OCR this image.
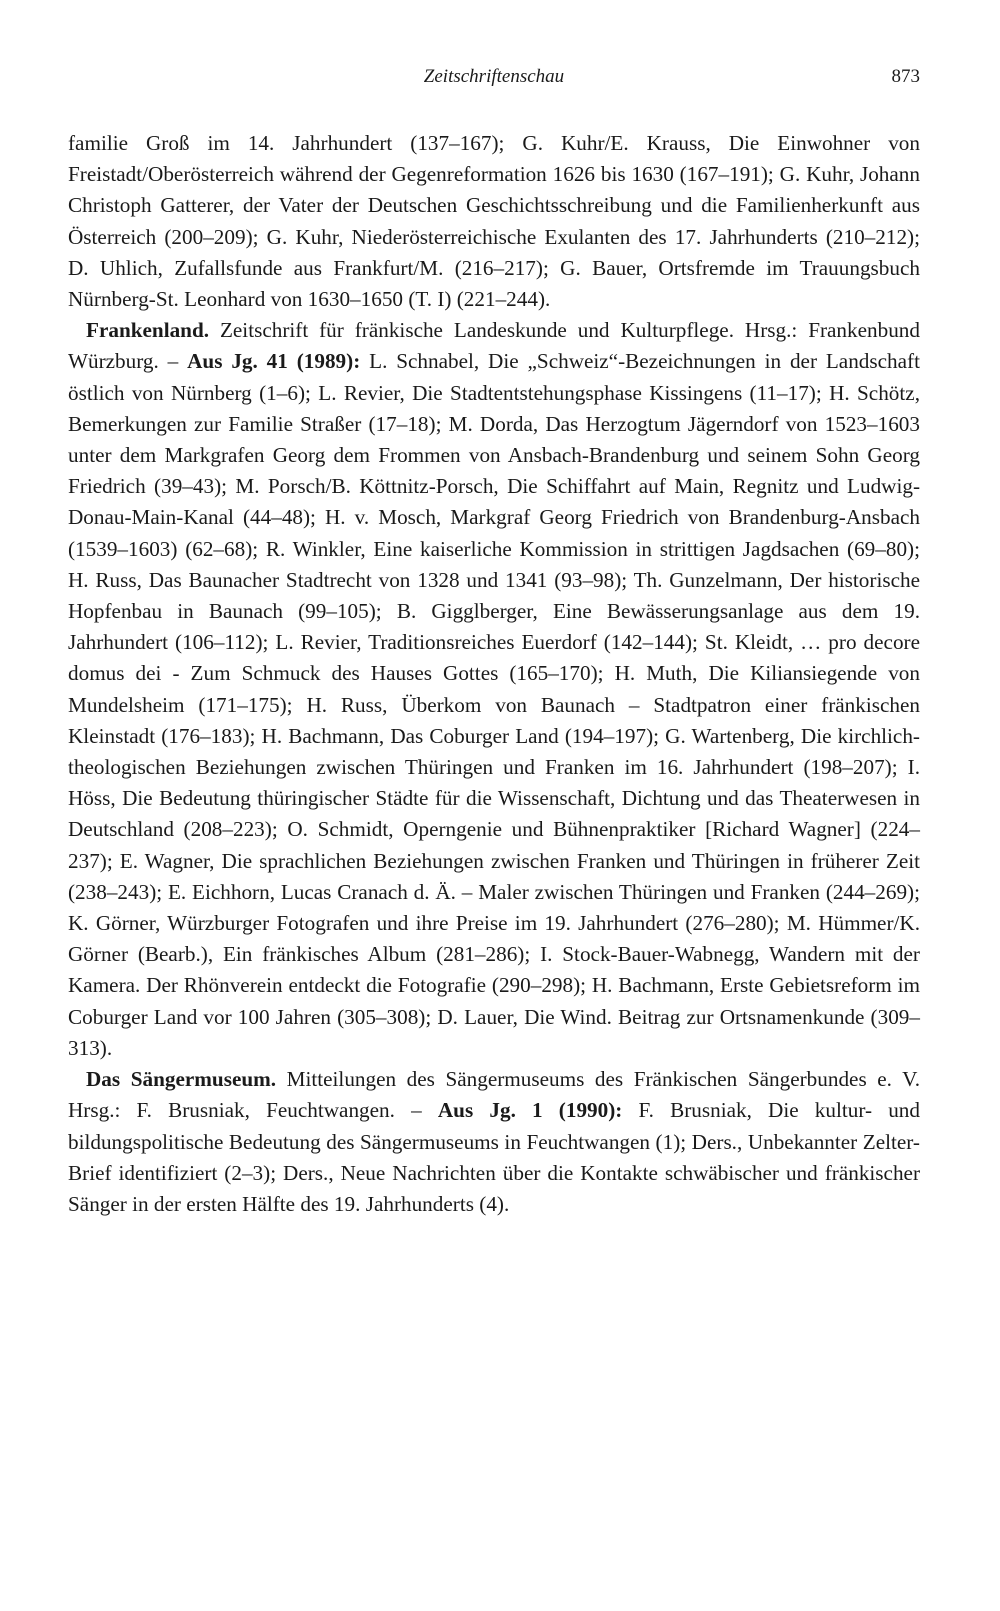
Zeitschriftenschau	873

familie Groß im 14. Jahrhundert (137–167); G. Kuhr/E. Krauss, Die Einwohner von Freistadt/Oberösterreich während der Gegenreformation 1626 bis 1630 (167–191); G. Kuhr, Johann Christoph Gatterer, der Vater der Deutschen Geschichtsschreibung und die Familienherkunft aus Österreich (200–209); G. Kuhr, Niederösterreichische Exulanten des 17. Jahrhunderts (210–212); D. Uhlich, Zufallsfunde aus Frankfurt/M. (216–217); G. Bauer, Ortsfremde im Trauungsbuch Nürnberg-St. Leonhard von 1630–1650 (T. I) (221–244).

Frankenland. Zeitschrift für fränkische Landeskunde und Kulturpflege. Hrsg.: Frankenbund Würzburg. – Aus Jg. 41 (1989): L. Schnabel, Die „Schweiz“-Bezeichnungen in der Landschaft östlich von Nürnberg (1–6); L. Revier, Die Stadtentstehungsphase Kissingens (11–17); H. Schötz, Bemerkungen zur Familie Straßer (17–18); M. Dorda, Das Herzogtum Jägerndorf von 1523–1603 unter dem Markgrafen Georg dem Frommen von Ansbach-Brandenburg und seinem Sohn Georg Friedrich (39–43); M. Porsch/B. Köttnitz-Porsch, Die Schiffahrt auf Main, Regnitz und Ludwig-Donau-Main-Kanal (44–48); H. v. Mosch, Markgraf Georg Friedrich von Brandenburg-Ansbach (1539–1603) (62–68); R. Winkler, Eine kaiserliche Kommission in strittigen Jagdsachen (69–80); H. Russ, Das Baunacher Stadtrecht von 1328 und 1341 (93–98); Th. Gunzelmann, Der historische Hopfenbau in Baunach (99–105); B. Gigglberger, Eine Bewässerungsanlage aus dem 19. Jahrhundert (106–112); L. Revier, Traditionsreiches Euerdorf (142–144); St. Kleidt, … pro decore domus dei - Zum Schmuck des Hauses Gottes (165–170); H. Muth, Die Kiliansiegende von Mundelsheim (171–175); H. Russ, Überkom von Baunach – Stadtpatron einer fränkischen Kleinstadt (176–183); H. Bachmann, Das Coburger Land (194–197); G. Wartenberg, Die kirchlich-theologischen Beziehungen zwischen Thüringen und Franken im 16. Jahrhundert (198–207); I. Höss, Die Bedeutung thüringischer Städte für die Wissenschaft, Dichtung und das Theaterwesen in Deutschland (208–223); O. Schmidt, Operngenie und Bühnenpraktiker [Richard Wagner] (224–237); E. Wagner, Die sprachlichen Beziehungen zwischen Franken und Thüringen in früherer Zeit (238–243); E. Eichhorn, Lucas Cranach d. Ä. – Maler zwischen Thüringen und Franken (244–269); K. Görner, Würzburger Fotografen und ihre Preise im 19. Jahrhundert (276–280); M. Hümmer/K. Görner (Bearb.), Ein fränkisches Album (281–286); I. Stock-Bauer-Wabnegg, Wandern mit der Kamera. Der Rhönverein entdeckt die Fotografie (290–298); H. Bachmann, Erste Gebietsreform im Coburger Land vor 100 Jahren (305–308); D. Lauer, Die Wind. Beitrag zur Ortsnamenkunde (309–313).

Das Sängermuseum. Mitteilungen des Sängermuseums des Fränkischen Sängerbundes e. V. Hrsg.: F. Brusniak, Feuchtwangen. – Aus Jg. 1 (1990): F. Brusniak, Die kultur- und bildungspolitische Bedeutung des Sängermuseums in Feuchtwangen (1); Ders., Unbekannter Zelter-Brief identifiziert (2–3); Ders., Neue Nachrichten über die Kontakte schwäbischer und fränkischer Sänger in der ersten Hälfte des 19. Jahrhunderts (4).
